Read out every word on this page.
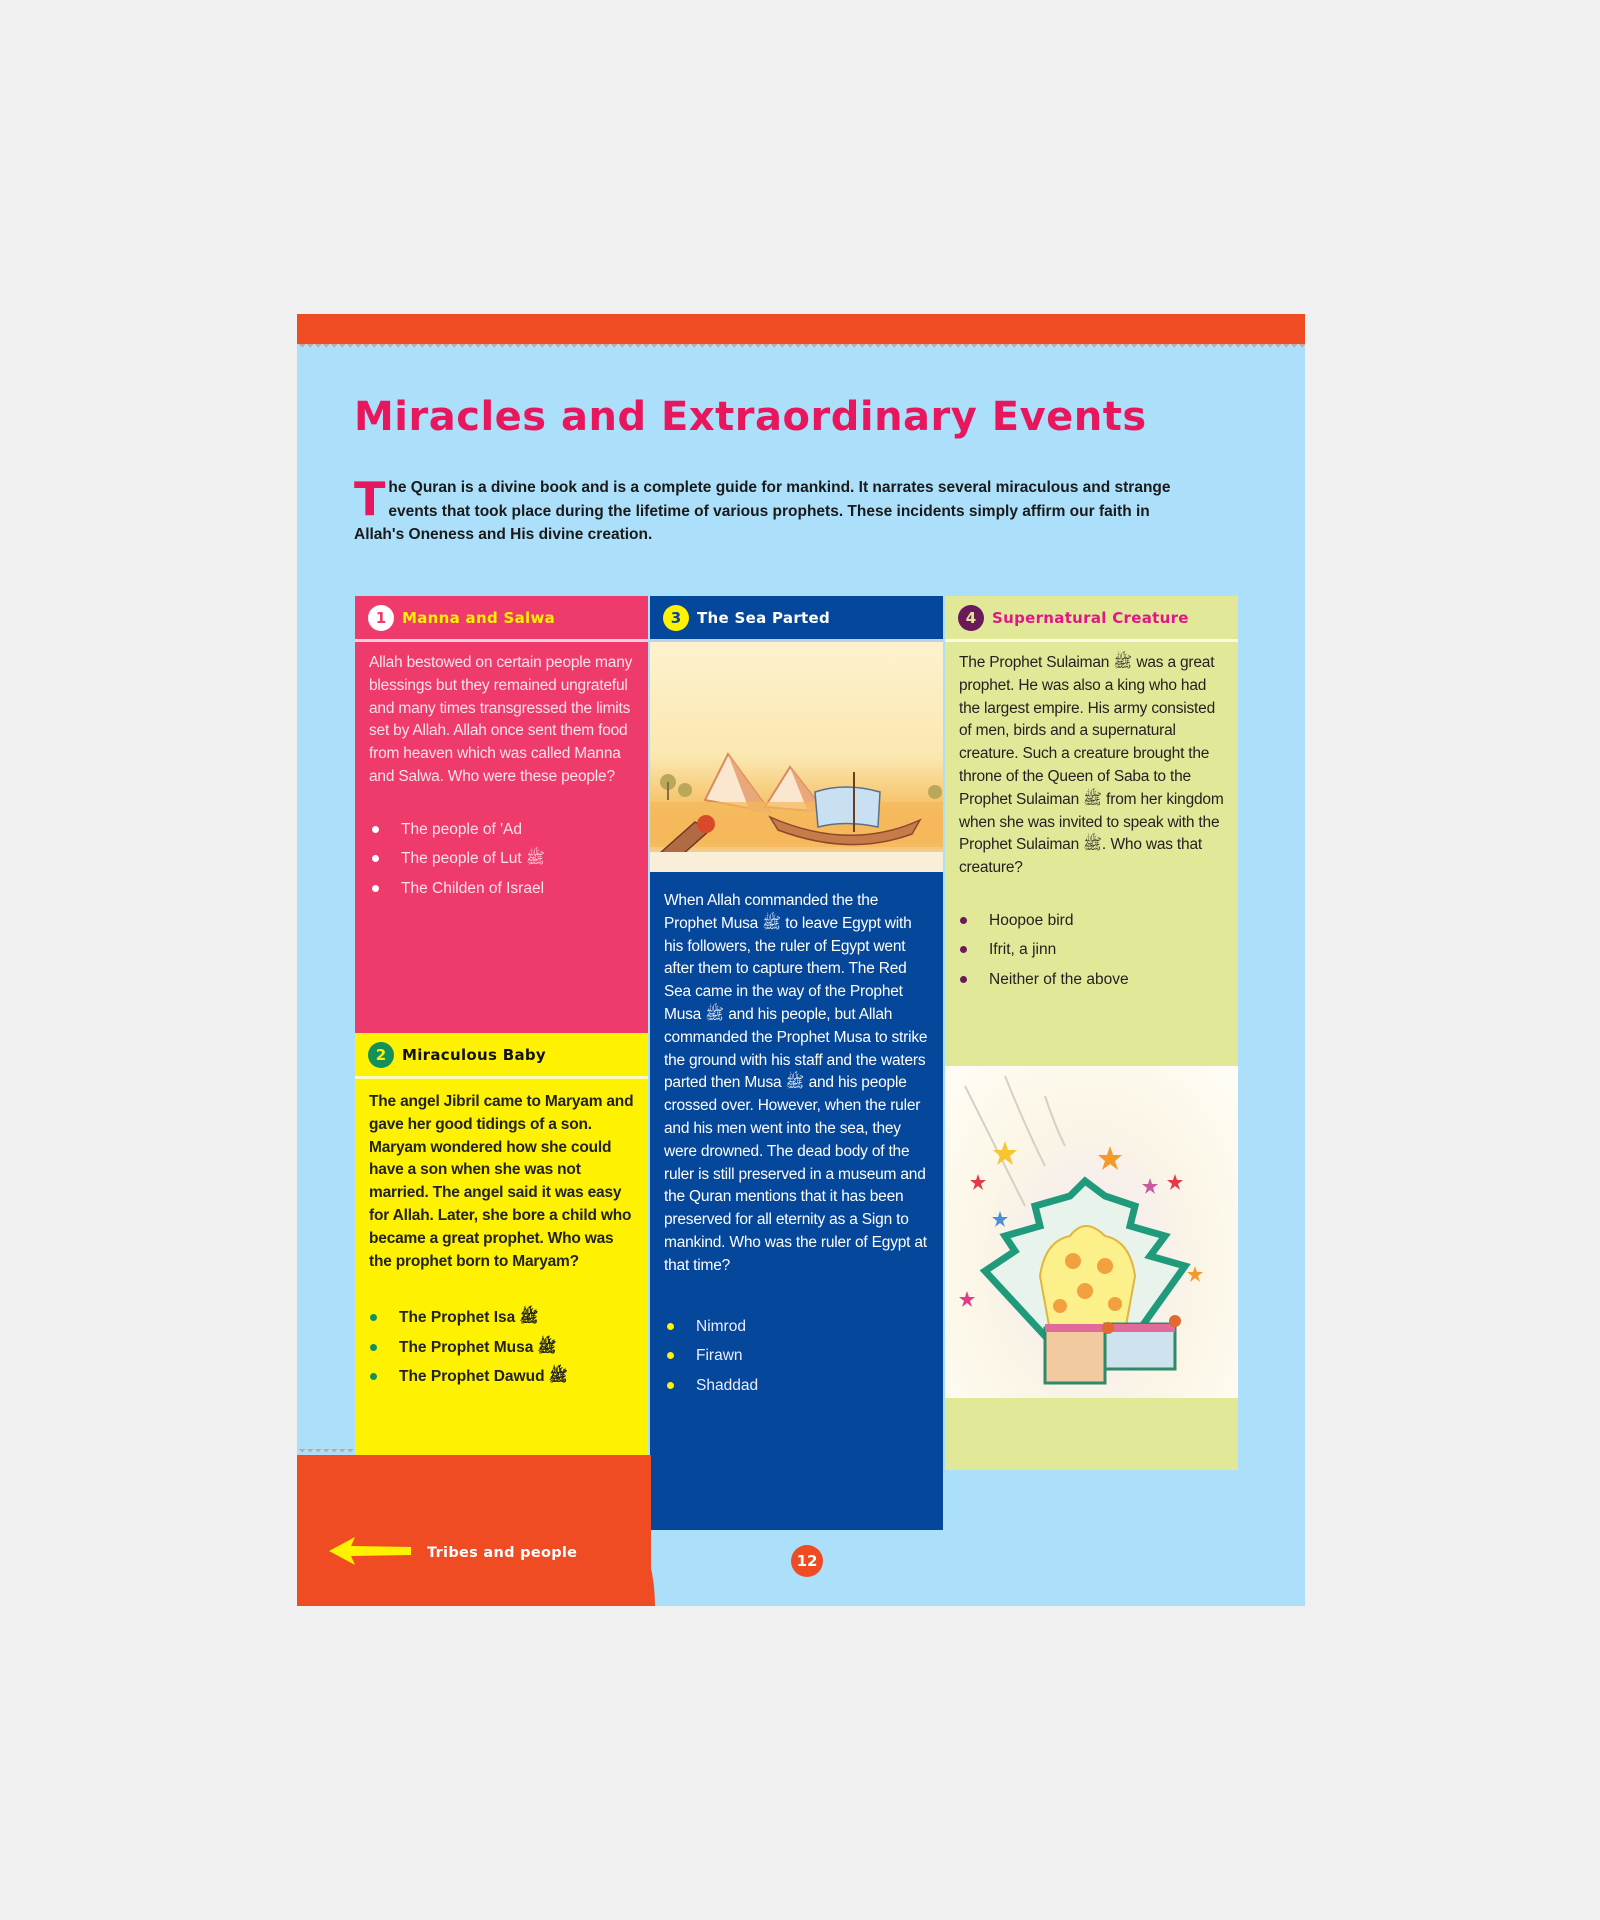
Miracles and Extraordinary Events

The Quran is a divine book and is a complete guide for mankind. It narrates several miraculous and strange events that took place during the lifetime of various prophets. These incidents simply affirm our faith in Allah's Oneness and His divine creation.

1	Manna and Salwa

Allah bestowed on certain people many blessings but they remained ungrateful and many times transgressed the limits set by Allah. Allah once sent them food from heaven which was called Manna and Salwa. Who were these people?

The people of 'Ad
The people of Lut ﷺ
The Childen of Israel
2	Miraculous Baby

The angel Jibril came to Maryam and gave her good tidings of a son. Maryam wondered how she could have a son when she was not married. The angel said it was easy for Allah. Later, she bore a child who became a great prophet. Who was the prophet born to Maryam?

The Prophet Isa ﷺ
The Prophet Musa ﷺ
The Prophet Dawud ﷺ
3	The Sea Parted

When Allah commanded the the Prophet Musa ﷺ to leave Egypt with his followers, the ruler of Egypt went after them to capture them. The Red Sea came in the way of the Prophet Musa ﷺ and his people, but Allah commanded the Prophet Musa to strike the ground with his staff and the waters parted then Musa ﷺ and his people crossed over. However, when the ruler and his men went into the sea, they were drowned. The dead body of the ruler is still preserved in a museum and the Quran mentions that it has been preserved for all eternity as a Sign to mankind. Who was the ruler of Egypt at that time?

Nimrod
Firawn
Shaddad
4	Supernatural Creature

The Prophet Sulaiman ﷺ was a great prophet. He was also a king who had the largest empire. His army consisted of men, birds and a supernatural creature. Such a creature brought the throne of the Queen of Saba to the Prophet Sulaiman ﷺ from her kingdom when she was invited to speak with the Prophet Sulaiman ﷺ. Who was that creature?

Hoopoe bird
Ifrit, a jinn
Neither of the above
Tribes and people	12
